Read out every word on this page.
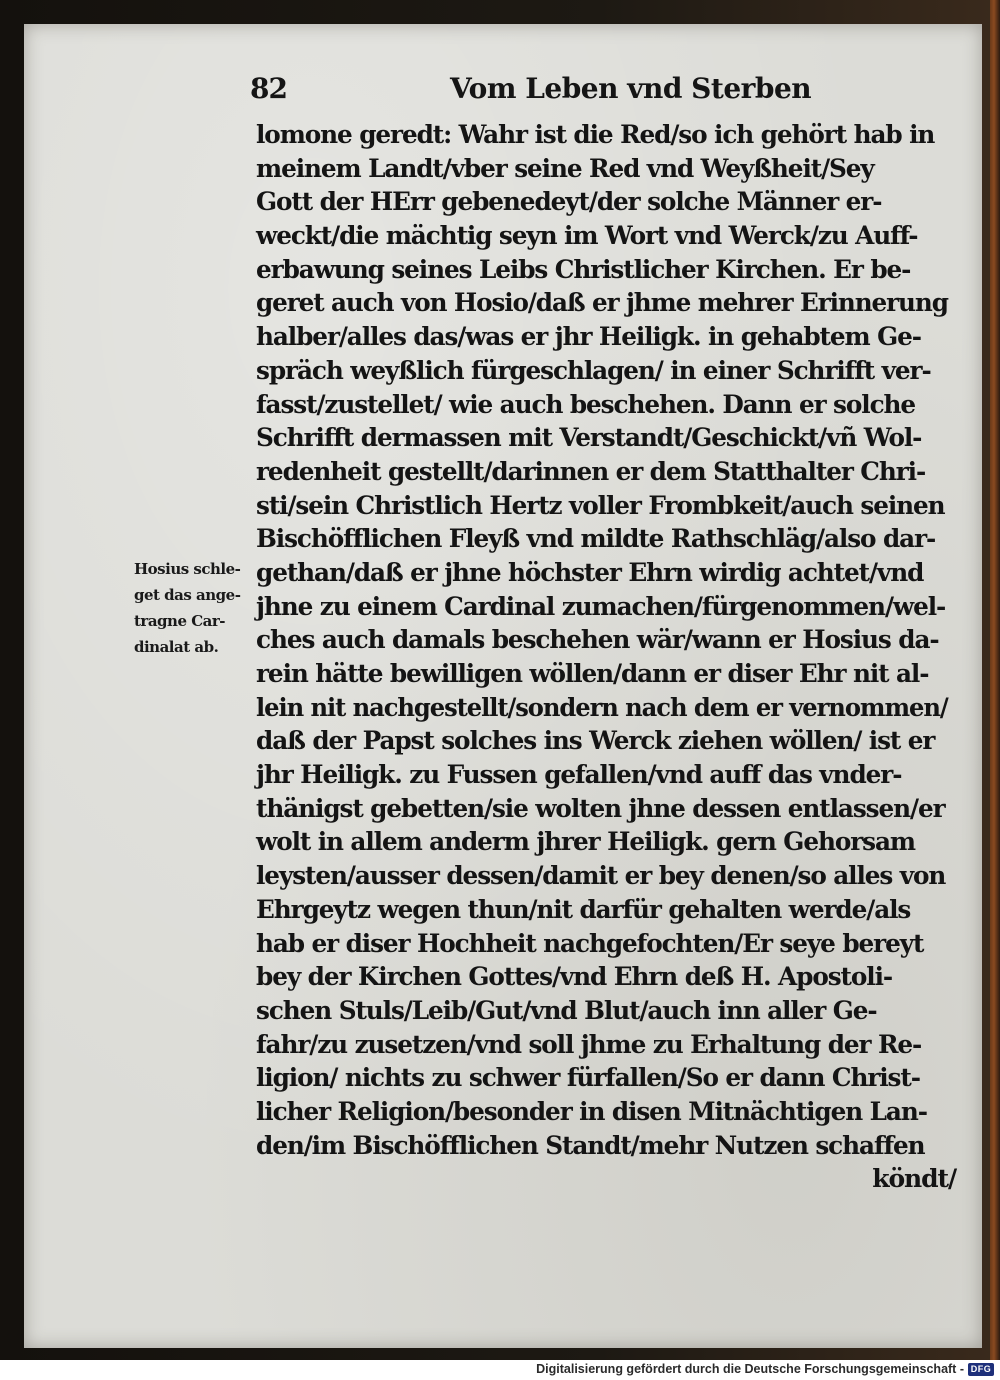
82	Vom Leben vnd Sterben
Hosius schle-
get das ange-
tragne Car-
dinalat ab.
lomone geredt: Wahr ist die Red/so ich gehört hab in
meinem Landt/vber seine Red vnd Weyßheit/Sey
Gott der HErr gebenedeyt/der solche Männer er-
weckt/die mächtig seyn im Wort vnd Werck/zu Auff-
erbawung seines Leibs Christlicher Kirchen. Er be-
geret auch von Hosio/daß er jhme mehrer Erinnerung
halber/alles das/was er jhr Heiligk. in gehabtem Ge-
spräch weyßlich fürgeschlagen/ in einer Schrifft ver-
fasst/zustellet/ wie auch beschehen. Dann er solche
Schrifft dermassen mit Verstandt/Geschickt/vñ Wol-
redenheit gestellt/darinnen er dem Statthalter Chri-
sti/sein Christlich Hertz voller Frombkeit/auch seinen
Bischöfflichen Fleyß vnd mildte Rathschläg/also dar-
gethan/daß er jhne höchster Ehrn wirdig achtet/vnd
jhne zu einem Cardinal zumachen/fürgenommen/wel-
ches auch damals beschehen wär/wann er Hosius da-
rein hätte bewilligen wöllen/dann er diser Ehr nit al-
lein nit nachgestellt/sondern nach dem er vernommen/
daß der Papst solches ins Werck ziehen wöllen/ ist er
jhr Heiligk. zu Fussen gefallen/vnd auff das vnder-
thänigst gebetten/sie wolten jhne dessen entlassen/er
wolt in allem anderm jhrer Heiligk. gern Gehorsam
leysten/ausser dessen/damit er bey denen/so alles von
Ehrgeytz wegen thun/nit darfür gehalten werde/als
hab er diser Hochheit nachgefochten/Er seye bereyt
bey der Kirchen Gottes/vnd Ehrn deß H. Apostoli-
schen Stuls/Leib/Gut/vnd Blut/auch inn aller Ge-
fahr/zu zusetzen/vnd soll jhme zu Erhaltung der Re-
ligion/ nichts zu schwer fürfallen/So er dann Christ-
licher Religion/besonder in disen Mitnächtigen Lan-
den/im Bischöfflichen Standt/mehr Nutzen schaffen
köndt/
Digitalisierung gefördert durch die Deutsche Forschungsgemeinschaft - DFG
